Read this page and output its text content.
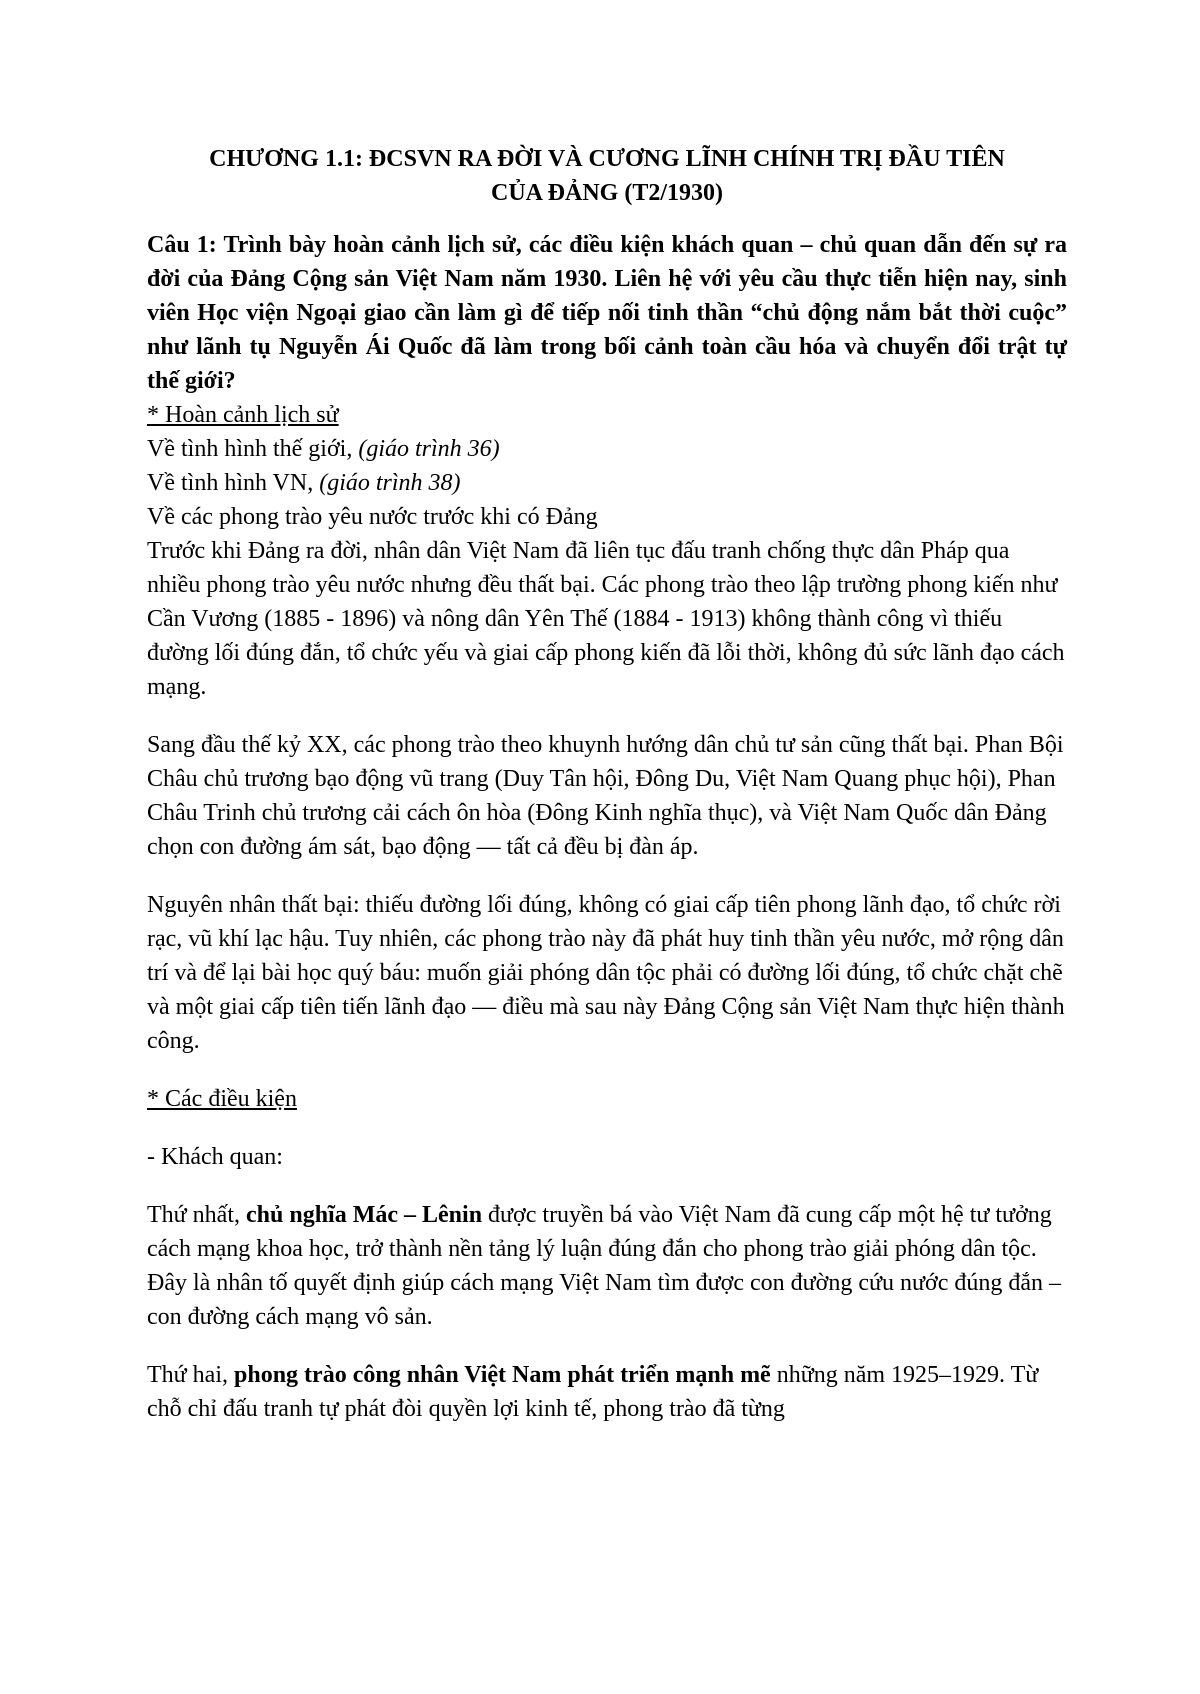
CHƯƠNG 1.1: ĐCSVN RA ĐỜI VÀ CƯƠNG LĨNH CHÍNH TRỊ ĐẦU TIÊN
CỦA ĐẢNG (T2/1930)

Câu 1: Trình bày hoàn cảnh lịch sử, các điều kiện khách quan – chủ quan dẫn đến sự ra đời của Đảng Cộng sản Việt Nam năm 1930. Liên hệ với yêu cầu thực tiễn hiện nay, sinh viên Học viện Ngoại giao cần làm gì để tiếp nối tinh thần “chủ động nắm bắt thời cuộc” như lãnh tụ Nguyễn Ái Quốc đã làm trong bối cảnh toàn cầu hóa và chuyển đổi trật tự thế giới?

* Hoàn cảnh lịch sử

Về tình hình thế giới, (giáo trình 36)

Về tình hình VN, (giáo trình 38)

Về các phong trào yêu nước trước khi có Đảng

Trước khi Đảng ra đời, nhân dân Việt Nam đã liên tục đấu tranh chống thực dân Pháp qua nhiều phong trào yêu nước nhưng đều thất bại. Các phong trào theo lập trường phong kiến như Cần Vương (1885 - 1896) và nông dân Yên Thế (1884 - 1913) không thành công vì thiếu đường lối đúng đắn, tổ chức yếu và giai cấp phong kiến đã lỗi thời, không đủ sức lãnh đạo cách mạng.

Sang đầu thế kỷ XX, các phong trào theo khuynh hướng dân chủ tư sản cũng thất bại. Phan Bội Châu chủ trương bạo động vũ trang (Duy Tân hội, Đông Du, Việt Nam Quang phục hội), Phan Châu Trinh chủ trương cải cách ôn hòa (Đông Kinh nghĩa thục), và Việt Nam Quốc dân Đảng chọn con đường ám sát, bạo động — tất cả đều bị đàn áp.

Nguyên nhân thất bại: thiếu đường lối đúng, không có giai cấp tiên phong lãnh đạo, tổ chức rời rạc, vũ khí lạc hậu. Tuy nhiên, các phong trào này đã phát huy tinh thần yêu nước, mở rộng dân trí và để lại bài học quý báu: muốn giải phóng dân tộc phải có đường lối đúng, tổ chức chặt chẽ và một giai cấp tiên tiến lãnh đạo — điều mà sau này Đảng Cộng sản Việt Nam thực hiện thành công.

* Các điều kiện

- Khách quan:

Thứ nhất, chủ nghĩa Mác – Lênin được truyền bá vào Việt Nam đã cung cấp một hệ tư tưởng cách mạng khoa học, trở thành nền tảng lý luận đúng đắn cho phong trào giải phóng dân tộc. Đây là nhân tố quyết định giúp cách mạng Việt Nam tìm được con đường cứu nước đúng đắn – con đường cách mạng vô sản.

Thứ hai, phong trào công nhân Việt Nam phát triển mạnh mẽ những năm 1925–1929. Từ chỗ chỉ đấu tranh tự phát đòi quyền lợi kinh tế, phong trào đã từng
